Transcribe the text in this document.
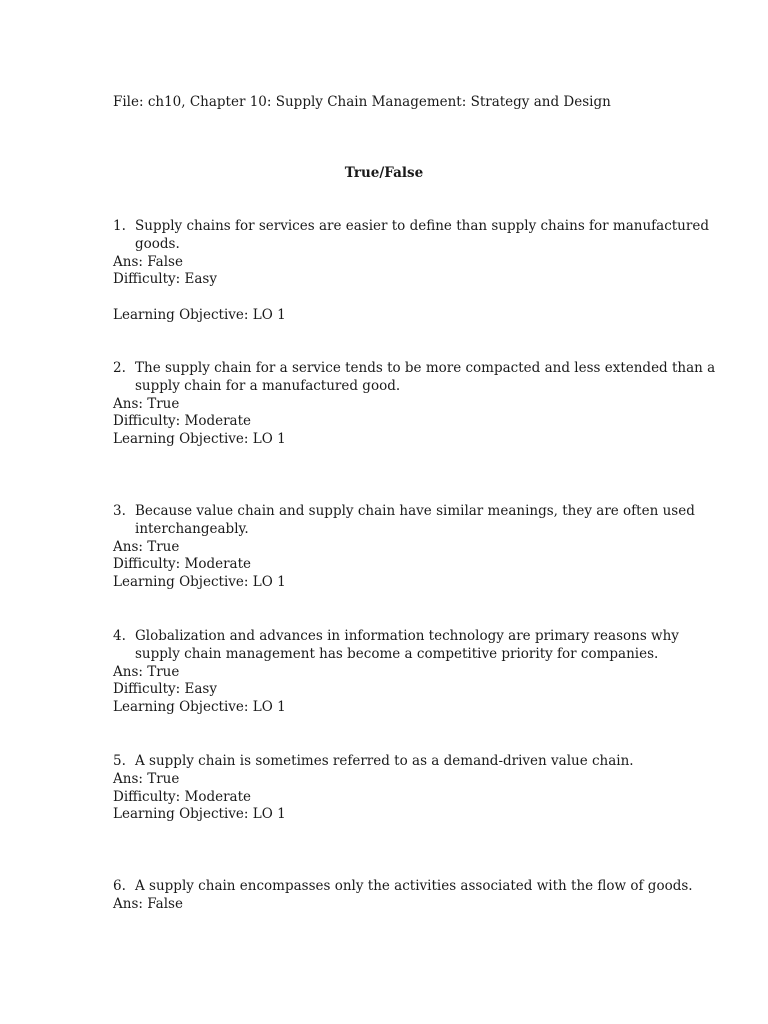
File: ch10, Chapter 10: Supply Chain Management: Strategy and Design
True/False
1. Supply chains for services are easier to define than supply chains for manufactured
goods.
Ans: False
Difficulty: Easy
Learning Objective: LO 1
2. The supply chain for a service tends to be more compacted and less extended than a
supply chain for a manufactured good.
Ans: True
Difficulty: Moderate
Learning Objective: LO 1
3. Because value chain and supply chain have similar meanings, they are often used
interchangeably.
Ans: True
Difficulty: Moderate
Learning Objective: LO 1
4. Globalization and advances in information technology are primary reasons why
supply chain management has become a competitive priority for companies.
Ans: True
Difficulty: Easy
Learning Objective: LO 1
5. A supply chain is sometimes referred to as a demand-driven value chain.
Ans: True
Difficulty: Moderate
Learning Objective: LO 1
6. A supply chain encompasses only the activities associated with the flow of goods.
Ans: False
